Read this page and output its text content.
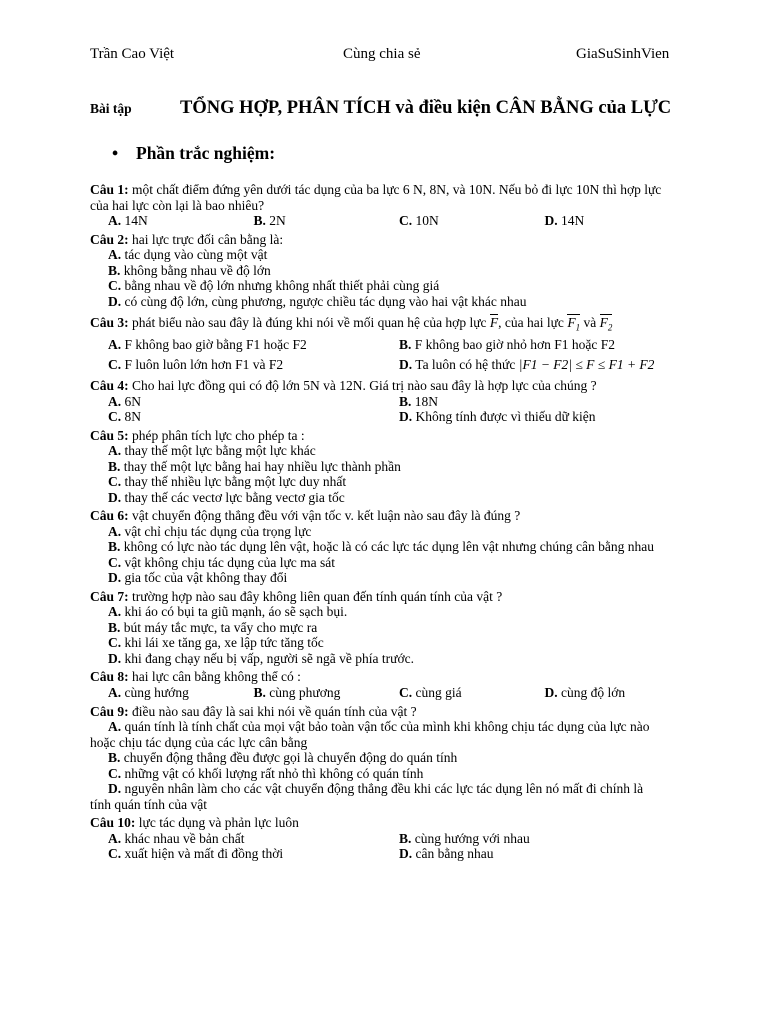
Trần Cao Việt	Cùng chia sẻ	GiaSuSinhVien
Bài tập	TỔNG HỢP, PHÂN TÍCH và điều kiện CÂN BẰNG của LỰC
• Phần trắc nghiệm:
Câu 1: một chất điểm đứng yên dưới tác dụng của ba lực 6 N, 8N, và 10N. Nếu bỏ đi lực 10N thì hợp lực
của hai lực còn lại là bao nhiêu?
A. 14N	B. 2N	C. 10N	D. 14N
Câu 2: hai lực trực đối cân bằng là:
A. tác dụng vào cùng một vật
B. không bằng nhau về độ lớn
C. bằng nhau về độ lớn nhưng không nhất thiết phải cùng giá
D. có cùng độ lớn, cùng phương, ngược chiều tác dụng vào hai vật khác nhau
Câu 3: phát biểu nào sau đây là đúng khi nói về mối quan hệ của hợp lực F, của hai lực $F_1$ và $F_2$
A. F không bao giờ bằng F1 hoặc F2	B. F không bao giờ nhỏ hơn F1 hoặc F2
C. F luôn luôn lớn hơn F1 và F2	D. Ta luôn có hệ thức |F1 − F2| ≤ F ≤ F1 + F2
Câu 4: Cho hai lực đồng qui có độ lớn 5N và 12N. Giá trị nào sau đây là hợp lực của chúng ?
A. 6N	B. 18N
C. 8N	D. Không tính được vì thiếu dữ kiện
Câu 5: phép phân tích lực cho phép ta :
A. thay thế một lực bằng một lực khác
B. thay thế một lực bằng hai hay nhiều lực thành phần
C. thay thế nhiều lực bằng một lực duy nhất
D. thay thế các vectơ lực bằng vectơ gia tốc
Câu 6: vật chuyển động thẳng đều với vận tốc v. kết luận nào sau đây là đúng ?
A. vật chỉ chịu tác dụng của trọng lực
B. không có lực nào tác dụng lên vật, hoặc là có các lực tác dụng lên vật nhưng chúng cân bằng nhau
C. vật không chịu tác dụng của lực ma sát
D. gia tốc của vật không thay đổi
Câu 7: trường hợp nào sau đây không liên quan đến tính quán tính của vật ?
A. khi áo có bụi ta giũ mạnh, áo sẽ sạch bụi.
B. bút máy tắc mực, ta vẩy cho mực ra
C. khi lái xe tăng ga, xe lập tức tăng tốc
D. khi đang chạy nếu bị vấp, người sẽ ngã về phía trước.
Câu 8: hai lực cân bằng không thể có :
A. cùng hướng	B. cùng phương	C. cùng giá	D. cùng độ lớn
Câu 9: điều nào sau đây là sai khi nói về quán tính của vật ?
A. quán tính là tính chất của mọi vật bảo toàn vận tốc của mình khi không chịu tác dụng của lực nào
hoặc chịu tác dụng của các lực cân bằng
B. chuyển động thẳng đều được gọi là chuyển động do quán tính
C. những vật có khối lượng rất nhỏ thì không có quán tính
D. nguyên nhân làm cho các vật chuyển động thẳng đều khi các lực tác dụng lên nó mất đi chính là
tính quán tính của vật
Câu 10: lực tác dụng và phản lực luôn
A. khác nhau về bản chất	B. cùng hướng với nhau
C. xuất hiện và mất đi đồng thời	D. cân bằng nhau
